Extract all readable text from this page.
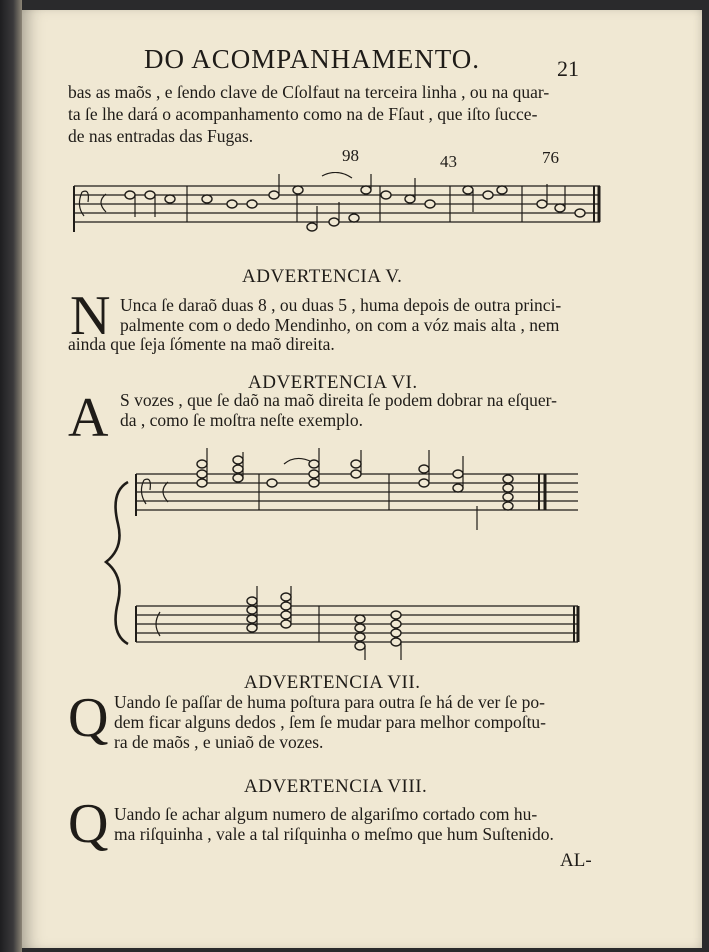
DO ACOMPANHAMENTO.	21
bas as maõs , e ſendo clave de Cſolfaut na terceira linha , ou na quar-
ta ſe lhe dará o acompanhamento como na de Fſaut , que iſto ſucce-
de nas entradas das Fugas.
98	43	76
ADVERTENCIA V.
N Unca ſe daraõ duas 8 , ou duas 5 , huma depois de outra princi-
palmente com o dedo Mendinho, on com a vóz mais alta , nem
ainda que ſeja ſómente na maõ direita.
ADVERTENCIA VI.
A S vozes , que ſe daõ na maõ direita ſe podem dobrar na eſquer-
da , como ſe moſtra neſte exemplo.
ADVERTENCIA VII.
Q Uando ſe paſſar de huma poſtura para outra ſe há de ver ſe po-
dem ficar alguns dedos , ſem ſe mudar para melhor compoſtu-
ra de maõs , e uniaõ de vozes.
ADVERTENCIA VIII.
Q Uando ſe achar algum numero de algariſmo cortado com hu-
ma riſquinha , vale a tal riſquinha o meſmo que hum Suſtenido.
AL-
